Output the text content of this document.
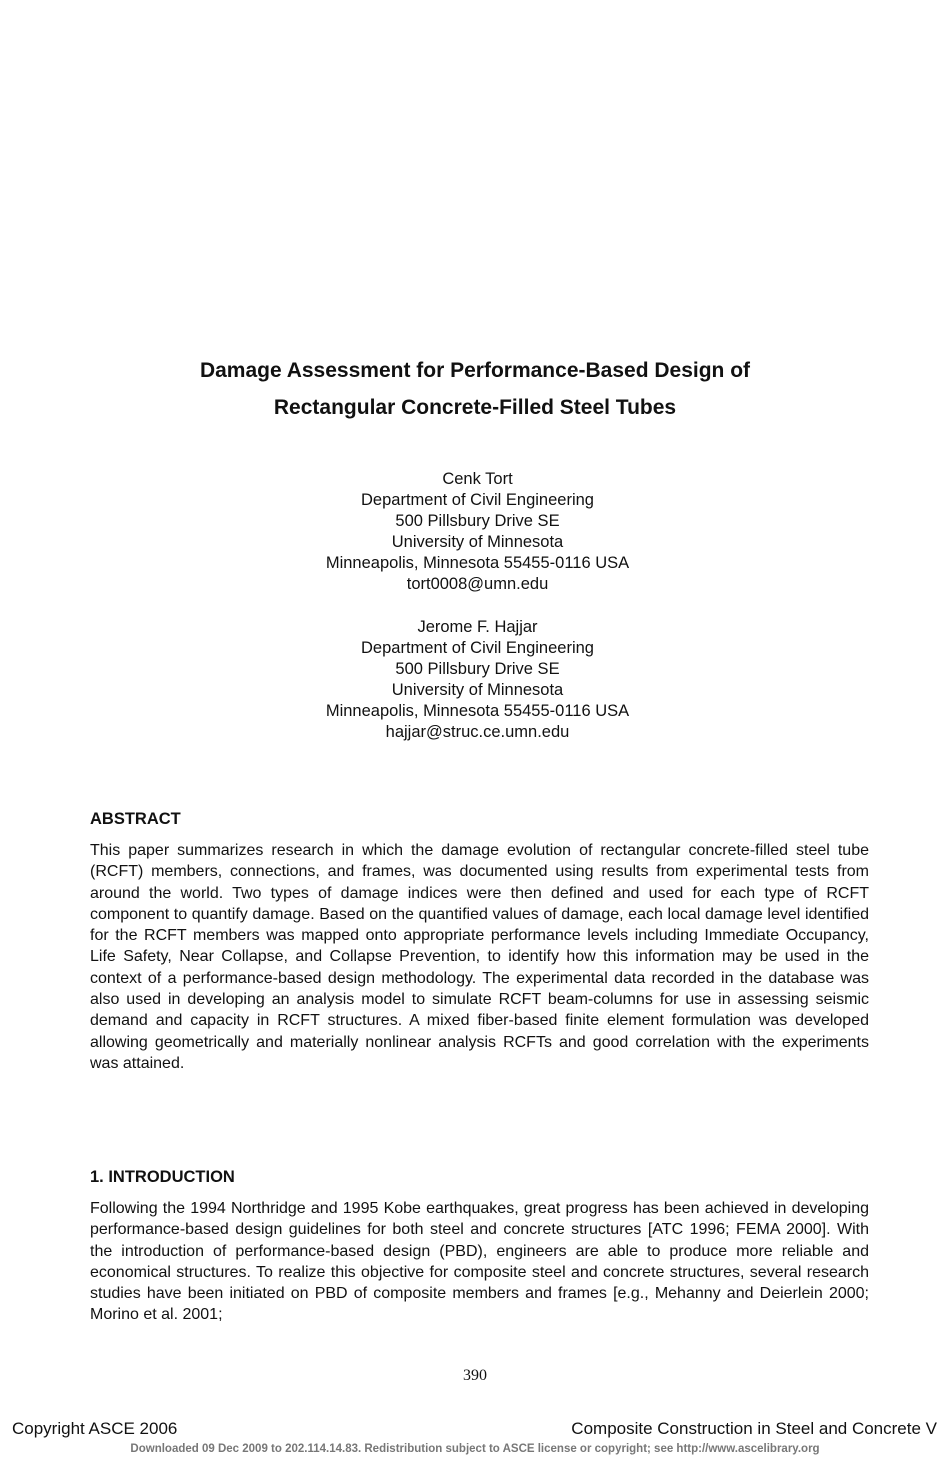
Damage Assessment for Performance-Based Design of
Rectangular Concrete-Filled Steel Tubes
Cenk Tort
Department of Civil Engineering
500 Pillsbury Drive SE
University of Minnesota
Minneapolis, Minnesota 55455-0116 USA
tort0008@umn.edu
Jerome F. Hajjar
Department of Civil Engineering
500 Pillsbury Drive SE
University of Minnesota
Minneapolis, Minnesota 55455-0116 USA
hajjar@struc.ce.umn.edu
ABSTRACT
This paper summarizes research in which the damage evolution of rectangular concrete-filled steel tube (RCFT) members, connections, and frames, was documented using results from experimental tests from around the world. Two types of damage indices were then defined and used for each type of RCFT component to quantify damage. Based on the quantified values of damage, each local damage level identified for the RCFT members was mapped onto appropriate performance levels including Immediate Occupancy, Life Safety, Near Collapse, and Collapse Prevention, to identify how this information may be used in the context of a performance-based design methodology. The experimental data recorded in the database was also used in developing an analysis model to simulate RCFT beam-columns for use in assessing seismic demand and capacity in RCFT structures. A mixed fiber-based finite element formulation was developed allowing geometrically and materially nonlinear analysis RCFTs and good correlation with the experiments was attained.
1. INTRODUCTION
Following the 1994 Northridge and 1995 Kobe earthquakes, great progress has been achieved in developing performance-based design guidelines for both steel and concrete structures [ATC 1996; FEMA 2000]. With the introduction of performance-based design (PBD), engineers are able to produce more reliable and economical structures. To realize this objective for composite steel and concrete structures, several research studies have been initiated on PBD of composite members and frames [e.g., Mehanny and Deierlein 2000; Morino et al. 2001;
390
Copyright ASCE 2006	Composite Construction in Steel and Concrete V
Downloaded 09 Dec 2009 to 202.114.14.83. Redistribution subject to ASCE license or copyright; see http://www.ascelibrary.org
